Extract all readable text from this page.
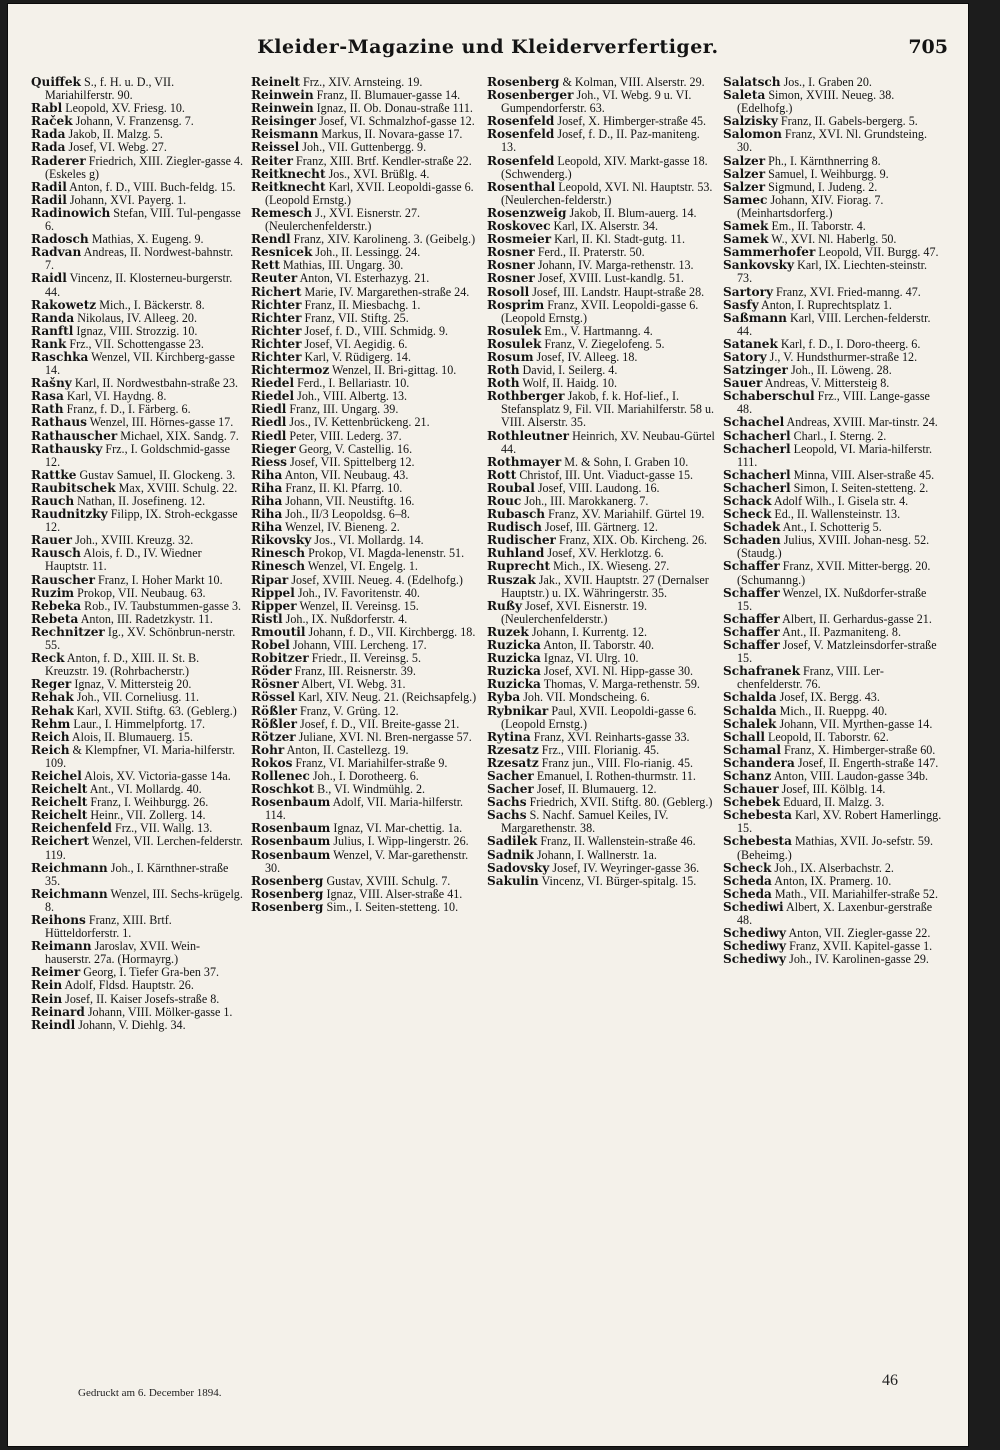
Kleider-Magazine und Kleiderverfertiger.	705
Quiffek S., f. H. u. D., VII. Mariahilferstr. 90.
Rabl Leopold, XV. Friesg. 10.
Raček Johann, V. Franzensg. 7.
Rada Jakob, II. Malzg. 5.
Rada Josef, VI. Webg. 27.
Raderer Friedrich, XIII. Ziegler-gasse 4. (Eskeles g)
Radil Anton, f. D., VIII. Buch-feldg. 15.
Radil Johann, XVI. Payerg. 1.
Radinowich Stefan, VIII. Tul-pengasse 6.
Radosch Mathias, X. Eugeng. 9.
Radvan Andreas, II. Nordwest-bahnstr. 7.
Raidl Vincenz, II. Klosterneu-burgerstr. 44.
Rakowetz Mich., I. Bäckerstr. 8.
Randa Nikolaus, IV. Alleeg. 20.
Ranftl Ignaz, VIII. Strozzig. 10.
Rank Frz., VII. Schottengasse 23.
Raschka Wenzel, VII. Kirchberg-gasse 14.
Rašny Karl, II. Nordwestbahn-straße 23.
Rasa Karl, VI. Haydng. 8.
Rath Franz, f. D., I. Färberg. 6.
Rathaus Wenzel, III. Hörnes-gasse 17.
Rathauscher Michael, XIX. Sandg. 7.
Rathausky Frz., I. Goldschmid-gasse 12.
Rattke Gustav Samuel, II. Glockeng. 3.
Raubitschek Max, XVIII. Schulg. 22.
Rauch Nathan, II. Josefineng. 12.
Raudnitzky Filipp, IX. Stroh-eckgasse 12.
Rauer Joh., XVIII. Kreuzg. 32.
Rausch Alois, f. D., IV. Wiedner Hauptstr. 11.
Rauscher Franz, I. Hoher Markt 10.
Ruzim Prokop, VII. Neubaug. 63.
Rebeka Rob., IV. Taubstummen-gasse 3.
Rebeta Anton, III. Radetzkystr. 11.
Rechnitzer Ig., XV. Schönbrun-nerstr. 55.
Reck Anton, f. D., XIII. II. St. B. Kreuzstr. 19. (Rohrbacherstr.)
Reger Ignaz, V. Mittersteig 20.
Rehak Joh., VII. Corneliusg. 11.
Rehak Karl, XVII. Stiftg. 63. (Geblerg.)
Rehm Laur., I. Himmelpfortg. 17.
Reich Alois, II. Blumauerg. 15.
Reich & Klempfner, VI. Maria-hilferstr. 109.
Reichel Alois, XV. Victoria-gasse 14a.
Reichelt Ant., VI. Mollardg. 40.
Reichelt Franz, I. Weihburgg. 26.
Reichelt Heinr., VII. Zollerg. 14.
Reichenfeld Frz., VII. Wallg. 13.
Reichert Wenzel, VII. Lerchen-felderstr. 119.
Reichmann Joh., I. Kärnthner-straße 35.
Reichmann Wenzel, III. Sechs-krügelg. 8.
Reihons Franz, XIII. Brtf. Hütteldorferstr. 1.
Reimann Jaroslav, XVII. Wein-hauserstr. 27a. (Hormayrg.)
Reimer Georg, I. Tiefer Gra-ben 37.
Rein Adolf, Fldsd. Hauptstr. 26.
Rein Josef, II. Kaiser Josefs-straße 8.
Reinard Johann, VIII. Mölker-gasse 1.
Reindl Johann, V. Diehlg. 34.
Reinelt Frz., XIV. Arnsteing. 19.
Reinwein Franz, II. Blumauer-gasse 14.
Reinwein Ignaz, II. Ob. Donau-straße 111.
Reisinger Josef, VI. Schmalzhof-gasse 12.
Reismann Markus, II. Novara-gasse 17.
Reissel Joh., VII. Guttenbergg. 9.
Reiter Franz, XIII. Brtf. Kendler-straße 22.
Reitknecht Jos., XVI. Brüßlg. 4.
Reitknecht Karl, XVII. Leopoldi-gasse 6. (Leopold Ernstg.)
Remesch J., XVI. Eisnerstr. 27. (Neulerchenfelderstr.)
Rendl Franz, XIV. Karolineng. 3. (Geibelg.)
Resnicek Joh., II. Lessingg. 24.
Rett Mathias, III. Ungarg. 30.
Reuter Anton, VI. Esterhazyg. 21.
Richert Marie, IV. Margarethen-straße 24.
Richter Franz, II. Miesbachg. 1.
Richter Franz, VII. Stiftg. 25.
Richter Josef, f. D., VIII. Schmidg. 9.
Richter Josef, VI. Aegidig. 6.
Richter Karl, V. Rüdigerg. 14.
Richtermoz Wenzel, II. Bri-gittag. 10.
Riedel Ferd., I. Bellariastr. 10.
Riedel Joh., VIII. Albertg. 13.
Riedl Franz, III. Ungarg. 39.
Riedl Jos., IV. Kettenbrückeng. 21.
Riedl Peter, VIII. Lederg. 37.
Rieger Georg, V. Castellig. 16.
Riess Josef, VII. Spittelberg 12.
Riha Anton, VII. Neubaug. 43.
Riha Franz, II. Kl. Pfarrg. 10.
Riha Johann, VII. Neustiftg. 16.
Riha Joh., II/3 Leopoldsg. 6–8.
Riha Wenzel, IV. Bieneng. 2.
Rikovsky Jos., VI. Mollardg. 14.
Rinesch Prokop, VI. Magda-lenenstr. 51.
Rinesch Wenzel, VI. Engelg. 1.
Ripar Josef, XVIII. Neueg. 4. (Edelhofg.)
Rippel Joh., IV. Favoritenstr. 40.
Ripper Wenzel, II. Vereinsg. 15.
Ristl Joh., IX. Nußdorferstr. 4.
Rmoutil Johann, f. D., VII. Kirchbergg. 18.
Robel Johann, VIII. Lercheng. 17.
Robitzer Friedr., II. Vereinsg. 5.
Röder Franz, III. Reisnerstr. 39.
Rösner Albert, VI. Webg. 31.
Rössel Karl, XIV. Neug. 21. (Reichsapfelg.)
Rößler Franz, V. Grüng. 12.
Rößler Josef, f. D., VII. Breite-gasse 21.
Rötzer Juliane, XVI. Nl. Bren-nergasse 57.
Rohr Anton, II. Castellezg. 19.
Rokos Franz, VI. Mariahilfer-straße 9.
Rollenec Joh., I. Dorotheerg. 6.
Roschkot B., VI. Windmühlg. 2.
Rosenbaum Adolf, VII. Maria-hilferstr. 114.
Rosenbaum Ignaz, VI. Mar-chettig. 1a.
Rosenbaum Julius, I. Wipp-lingerstr. 26.
Rosenbaum Wenzel, V. Mar-garethenstr. 30.
Rosenberg Gustav, XVIII. Schulg. 7.
Rosenberg Ignaz, VIII. Alser-straße 41.
Rosenberg Sim., I. Seiten-stetteng. 10.
Rosenberg & Kolman, VIII. Alserstr. 29.
Rosenberger Joh., VI. Webg. 9 u. VI. Gumpendorferstr. 63.
Rosenfeld Josef, X. Himberger-straße 45.
Rosenfeld Josef, f. D., II. Paz-maniteng. 13.
Rosenfeld Leopold, XIV. Markt-gasse 18. (Schwenderg.)
Rosenthal Leopold, XVI. Nl. Hauptstr. 53. (Neulerchen-felderstr.)
Rosenzweig Jakob, II. Blum-auerg. 14.
Roskovec Karl, IX. Alserstr. 34.
Rosmeier Karl, II. Kl. Stadt-gutg. 11.
Rosner Ferd., II. Praterstr. 50.
Rosner Johann, IV. Marga-rethenstr. 13.
Rosner Josef, XVIII. Lust-kandlg. 51.
Rosoll Josef, III. Landstr. Haupt-straße 28.
Rosprim Franz, XVII. Leopoldi-gasse 6. (Leopold Ernstg.)
Rosulek Em., V. Hartmanng. 4.
Rosulek Franz, V. Ziegelofeng. 5.
Rosum Josef, IV. Alleeg. 18.
Roth David, I. Seilerg. 4.
Roth Wolf, II. Haidg. 10.
Rothberger Jakob, f. k. Hof-lief., I. Stefansplatz 9, Fil. VII. Mariahilferstr. 58 u. VIII. Alserstr. 35.
Rothleutner Heinrich, XV. Neubau-Gürtel 44.
Rothmayer M. & Sohn, I. Graben 10.
Rott Christof, III. Unt. Viaduct-gasse 15.
Roubal Josef, VIII. Laudong. 16.
Rouc Joh., III. Marokkanerg. 7.
Rubasch Franz, XV. Mariahilf. Gürtel 19.
Rudisch Josef, III. Gärtnerg. 12.
Rudischer Franz, XIX. Ob. Kircheng. 26.
Ruhland Josef, XV. Herklotzg. 6.
Ruprecht Mich., IX. Wieseng. 27.
Ruszak Jak., XVII. Hauptstr. 27 (Dernalser Hauptstr.) u. IX. Währingerstr. 35.
Rußy Josef, XVI. Eisnerstr. 19. (Neulerchenfelderstr.)
Ruzek Johann, I. Kurrentg. 12.
Ruzicka Anton, II. Taborstr. 40.
Ruzicka Ignaz, VI. Ulrg. 10.
Ruzicka Josef, XVI. Nl. Hipp-gasse 30.
Ruzicka Thomas, V. Marga-rethenstr. 59.
Ryba Joh. VII. Mondscheing. 6.
Rybnikar Paul, XVII. Leopoldi-gasse 6. (Leopold Ernstg.)
Rytina Franz, XVI. Reinharts-gasse 33.
Rzesatz Frz., VIII. Florianig. 45.
Rzesatz Franz jun., VIII. Flo-rianig. 45.
Sacher Emanuel, I. Rothen-thurmstr. 11.
Sacher Josef, II. Blumauerg. 12.
Sachs Friedrich, XVII. Stiftg. 80. (Geblerg.)
Sachs S. Nachf. Samuel Keiles, IV. Margarethenstr. 38.
Sadilek Franz, II. Wallenstein-straße 46.
Sadnik Johann, I. Wallnerstr. 1a.
Sadovsky Josef, IV. Weyringer-gasse 36.
Sakulin Vincenz, VI. Bürger-spitalg. 15.
Salatsch Jos., I. Graben 20.
Saleta Simon, XVIII. Neueg. 38. (Edelhofg.)
Salzisky Franz, II. Gabels-bergerg. 5.
Salomon Franz, XVI. Nl. Grundsteing. 30.
Salzer Ph., I. Kärnthnerring 8.
Salzer Samuel, I. Weihburgg. 9.
Salzer Sigmund, I. Judeng. 2.
Samec Johann, XIV. Fiorag. 7. (Meinhartsdorferg.)
Samek Em., II. Taborstr. 4.
Samek W., XVI. Nl. Haberlg. 50.
Sammerhofer Leopold, VII. Burgg. 47.
Sankovsky Karl, IX. Liechten-steinstr. 73.
Sartory Franz, XVI. Fried-manng. 47.
Sasfy Anton, I. Ruprechtsplatz 1.
Saßmann Karl, VIII. Lerchen-felderstr. 44.
Satanek Karl, f. D., I. Doro-theerg. 6.
Satory J., V. Hundsthurmer-straße 12.
Satzinger Joh., II. Löweng. 28.
Sauer Andreas, V. Mittersteig 8.
Schaberschul Frz., VIII. Lange-gasse 48.
Schachel Andreas, XVIII. Mar-tinstr. 24.
Schacherl Charl., I. Sterng. 2.
Schacherl Leopold, VI. Maria-hilferstr. 111.
Schacherl Minna, VIII. Alser-straße 45.
Schacherl Simon, I. Seiten-stetteng. 2.
Schack Adolf Wilh., I. Gisela str. 4.
Scheck Ed., II. Wallensteinstr. 13.
Schadek Ant., I. Schotterig 5.
Schaden Julius, XVIII. Johan-nesg. 52. (Staudg.)
Schaffer Franz, XVII. Mitter-bergg. 20. (Schumanng.)
Schaffer Wenzel, IX. Nußdorfer-straße 15.
Schaffer Albert, II. Gerhardus-gasse 21.
Schaffer Ant., II. Pazmaniteng. 8.
Schaffer Josef, V. Matzleinsdorfer-straße 15.
Schafranek Franz, VIII. Ler-chenfelderstr. 76.
Schalda Josef, IX. Bergg. 43.
Schalda Mich., II. Rueppg. 40.
Schalek Johann, VII. Myrthen-gasse 14.
Schall Leopold, II. Taborstr. 62.
Schamal Franz, X. Himberger-straße 60.
Schandera Josef, II. Engerth-straße 147.
Schanz Anton, VIII. Laudon-gasse 34b.
Schauer Josef, III. Kölblg. 14.
Schebek Eduard, II. Malzg. 3.
Schebesta Karl, XV. Robert Hamerlingg. 15.
Schebesta Mathias, XVII. Jo-sefstr. 59. (Beheimg.)
Scheck Joh., IX. Alserbachstr. 2.
Scheda Anton, IX. Pramerg. 10.
Scheda Math., VII. Mariahilfer-straße 52.
Schediwi Albert, X. Laxenbur-gerstraße 48.
Schediwy Anton, VII. Ziegler-gasse 22.
Schediwy Franz, XVII. Kapitel-gasse 1.
Schediwy Joh., IV. Karolinen-gasse 29.
Gedruckt am 6. December 1894.
46
